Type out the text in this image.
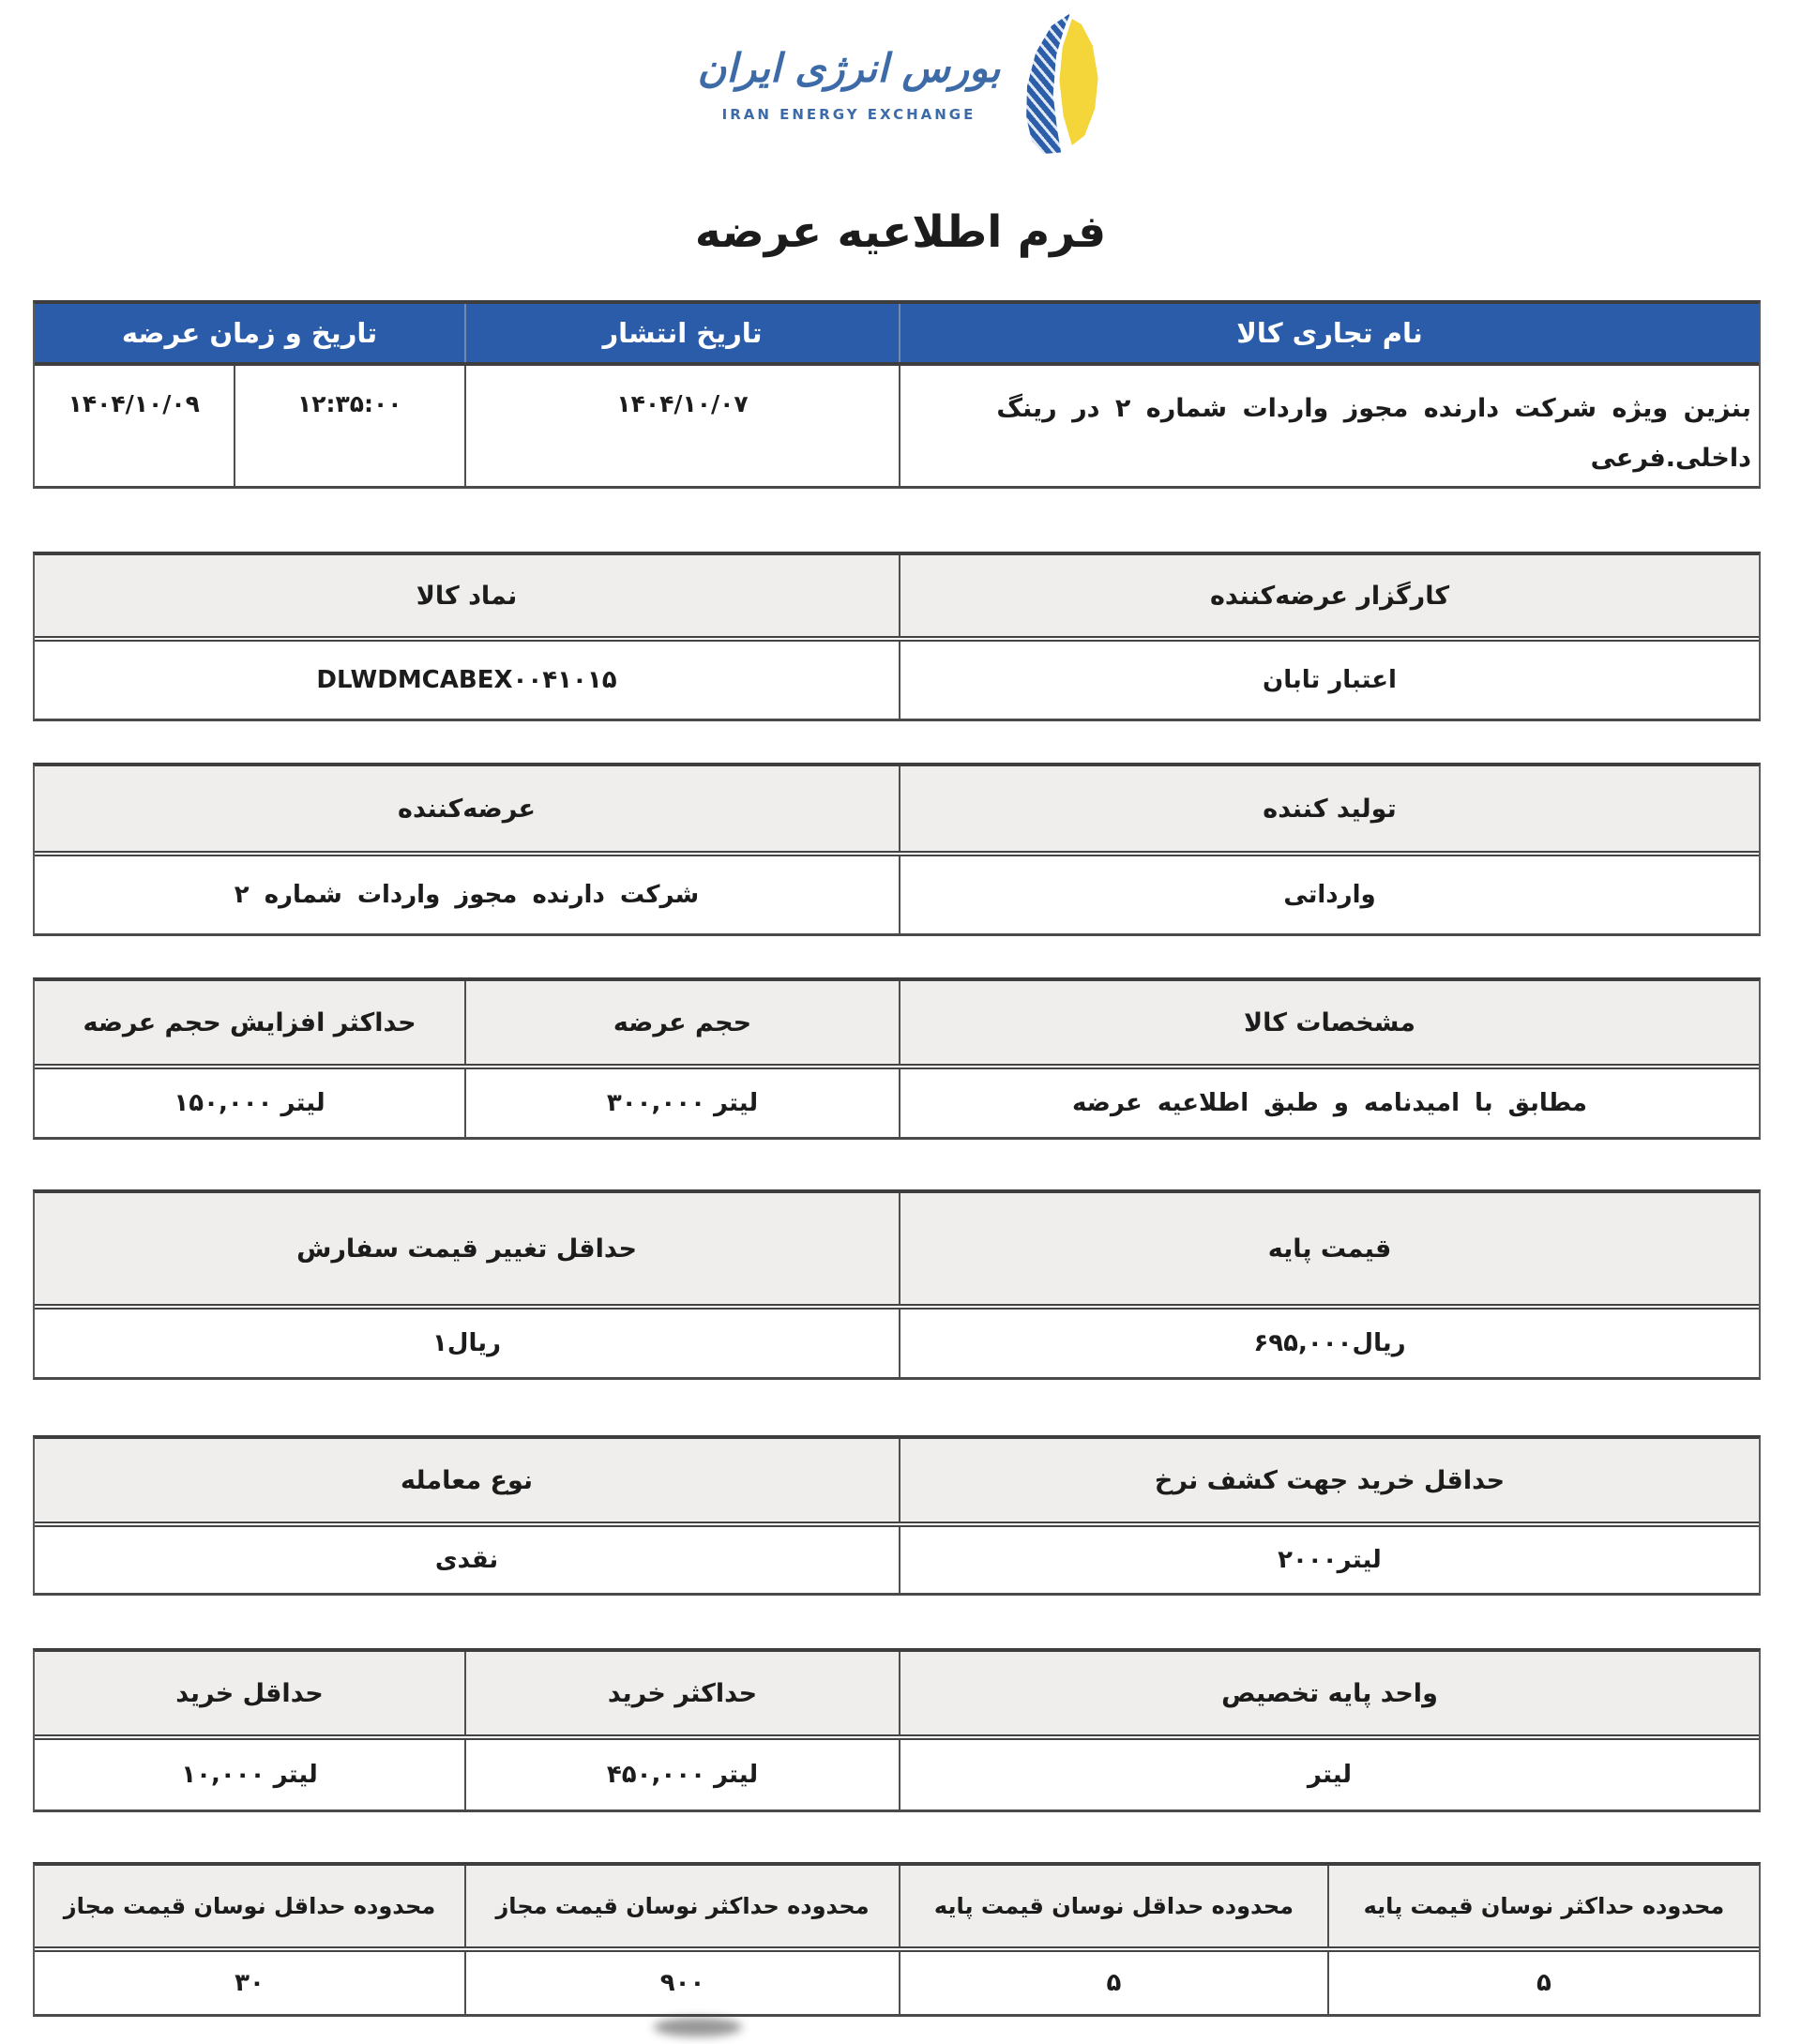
بورس انرژی ایران
IRAN ENERGY EXCHANGE
فرم اطلاعیه عرضه
تاریخ و زمان عرضه	تاریخ انتشار	نام تجاری کالا
۱۴۰۴/۱۰/۰۹	۱۲:۳۵:۰۰	۱۴۰۴/۱۰/۰۷	بنزین ویژه شرکت دارنده مجوز واردات شماره ۲ در رینگ
داخلی.فرعی
نماد کالا	کارگزار عرضه‌کننده
DLWDMCABEX۰۰۴۱۰۱۵	اعتبار تابان
عرضه‌کننده	تولید کننده
شرکت دارنده مجوز واردات شماره ۲	وارداتی
حداکثر افزایش حجم عرضه	حجم عرضه	مشخصات کالا
لیتر ۱۵۰,۰۰۰	لیتر ۳۰۰,۰۰۰	مطابق با امیدنامه و طبق اطلاعیه عرضه
حداقل تغییر قیمت سفارش	قیمت پایه
ریال۱	ریال۶۹۵,۰۰۰
نوع معامله	حداقل خرید جهت کشف نرخ
نقدی	لیتر۲۰۰۰
حداقل خرید	حداکثر خرید	واحد پایه تخصیص
لیتر ۱۰,۰۰۰	لیتر ۴۵۰,۰۰۰	لیتر
محدوده حداقل نوسان قیمت مجاز	محدوده حداکثر نوسان قیمت مجاز	محدوده حداقل نوسان قیمت پایه	محدوده حداکثر نوسان قیمت پایه
۳۰	۹۰۰	۵	۵
